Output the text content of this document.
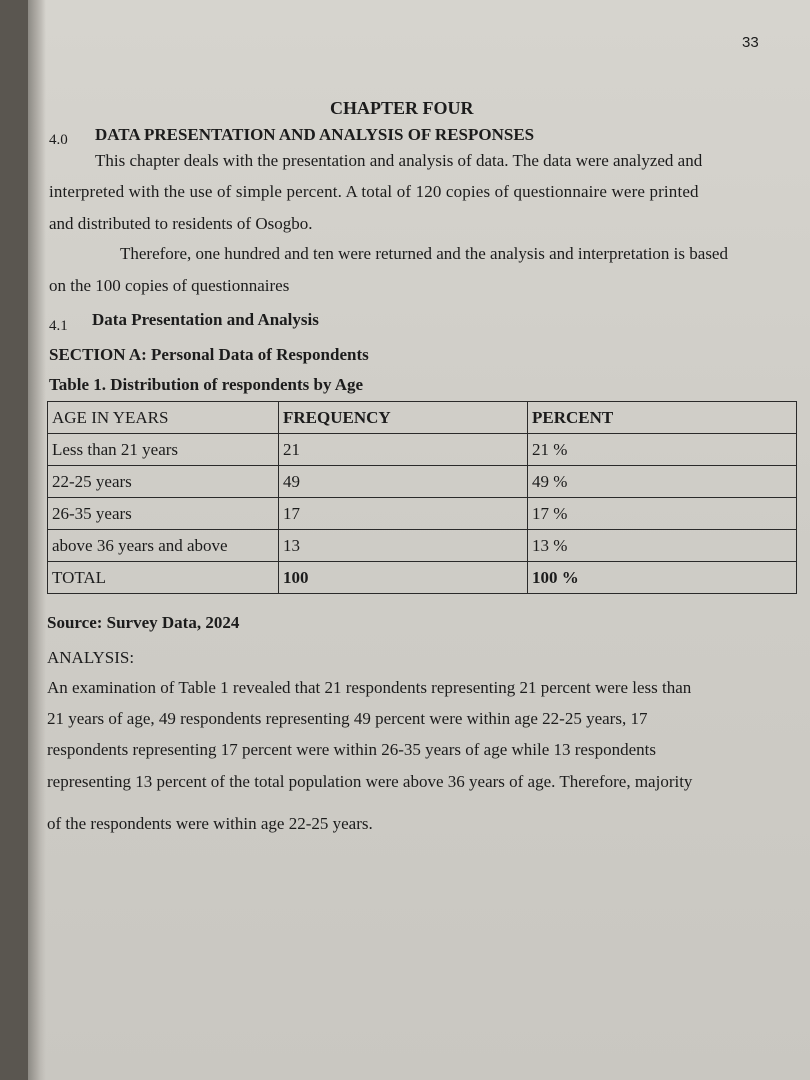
33
CHAPTER FOUR
4.0 DATA PRESENTATION AND ANALYSIS OF RESPONSES
This chapter deals with the presentation and analysis of data. The data were analyzed and
interpreted with the use of simple percent. A total of 120 copies of questionnaire were printed
and distributed to residents of Osogbo.
Therefore, one hundred and ten were returned and the analysis and interpretation is based
on the 100 copies of questionnaires
4.1 Data Presentation and Analysis
SECTION A: Personal Data of Respondents
Table 1. Distribution of respondents by Age
AGE IN YEARS	FREQUENCY	PERCENT
Less than 21 years	21	21 %
22-25 years	49	49 %
26-35 years	17	17 %
above 36 years and above	13	13 %
TOTAL	100	100 %
Source: Survey Data, 2024
ANALYSIS:
An examination of Table 1 revealed that 21 respondents representing 21 percent were less than
21 years of age, 49 respondents representing 49 percent were within age 22-25 years, 17
respondents representing 17 percent were within 26-35 years of age while 13 respondents
representing 13 percent of the total population were above 36 years of age. Therefore, majority
of the respondents were within age 22-25 years.
